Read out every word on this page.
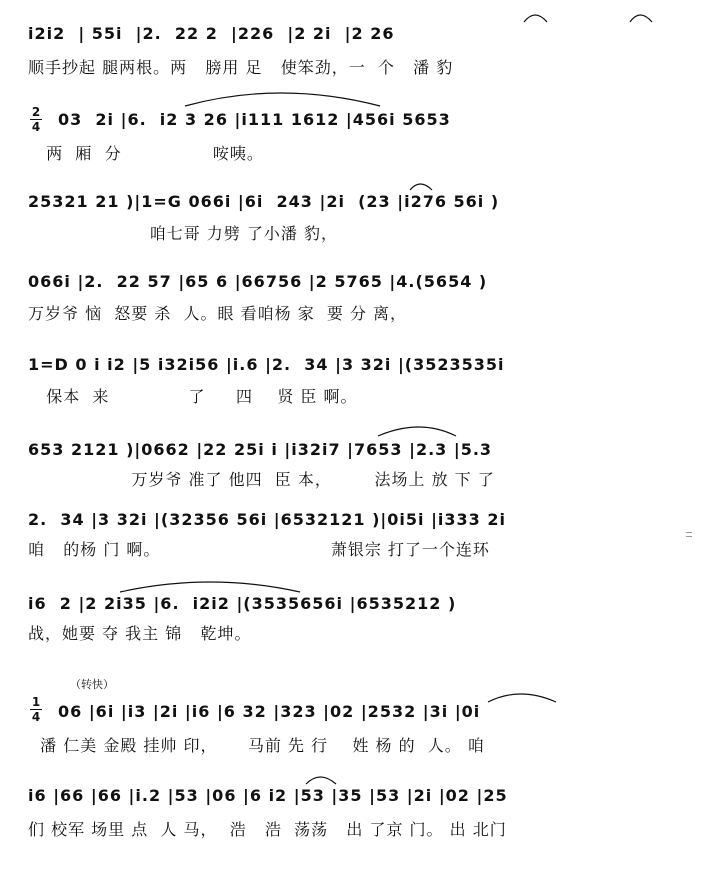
i2i2  | 55i  |2.  22 2  |226  |2 2i  |2 26
顺手抄起 腿两根。两   膀用 足   使笨劲，一  个   潘 豹
2
4 03  2i |6.  i2 3 26 |i111 1612 |456i 5653
两  厢  分               咹咦。
25321 21 )|1=G 066i |6i  243 |2i  (23 |i276 56i )
咱七哥 力劈 了小潘 豹，
066i |2.  22 57 |65 6 |66756 |2 5765 |4.(5654 )
万岁爷 恼  怒要 杀  人。眼 看咱杨 家  要 分 离，
1=D 0 i i2 |5 i32i56 |i.6 |2.  34 |3 32i |(3523535i
保本  来             了     四    贤 臣 啊。
653 2121 )|0662 |22 25i i |i32i7 |7653 |2.3 |5.3
万岁爷 准了 他四  臣 本，       法场上 放 下 了
2.  34 |3 32i |(32356 56i |6532121 )|0i5i |i333 2i
咱   的杨 门 啊。                            萧银宗 打了一个连环
i6  2 |2 2i35 |6.  i2i2 |(3535656i |6535212 )
战，她要 夺 我主 锦   乾坤。
（转快）
1
4 06 |6i |i3 |2i |i6 |6 32 |323 |02 |2532 |3i |0i
潘 仁美 金殿 挂帅 印，     马前 先 行    姓 杨 的  人。 咱
i6 |66 |66 |i.2 |53 |06 |6 i2 |53 |35 |53 |2i |02 |25
们 校军 场里 点  人 马，  浩   浩  荡荡   出 了京 门。 出 北门
